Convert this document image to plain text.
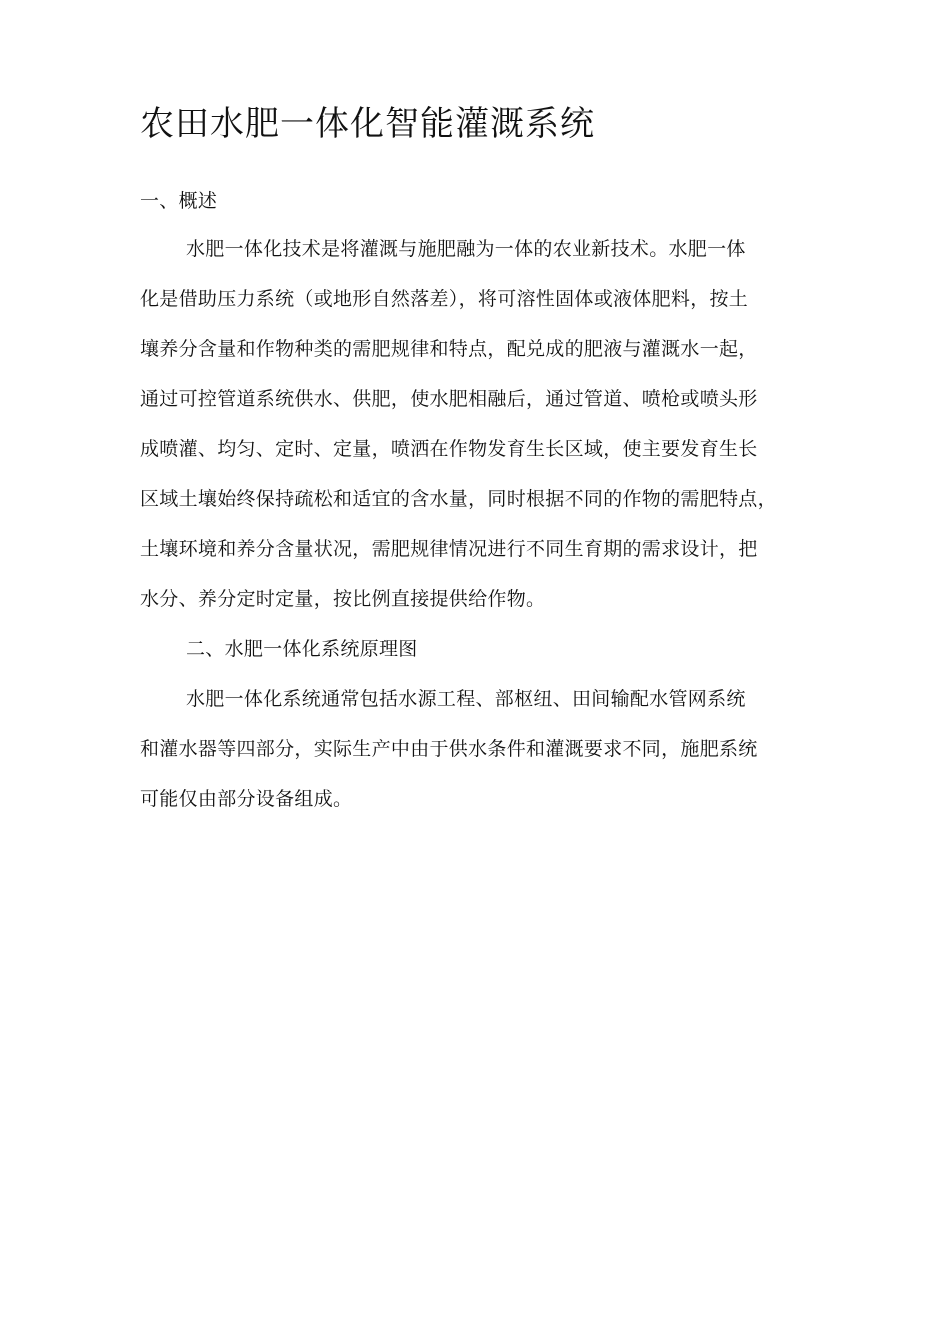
农田水肥一体化智能灌溉系统

一、概述

水肥一体化技术是将灌溉与施肥融为一体的农业新技术。水肥一体

化是借助压力系统（或地形自然落差），将可溶性固体或液体肥料，按土

壤养分含量和作物种类的需肥规律和特点，配兑成的肥液与灌溉水一起，

通过可控管道系统供水、供肥，使水肥相融后，通过管道、喷枪或喷头形

成喷灌、均匀、定时、定量，喷洒在作物发育生长区域，使主要发育生长

区域土壤始终保持疏松和适宜的含水量，同时根据不同的作物的需肥特点，

土壤环境和养分含量状况，需肥规律情况进行不同生育期的需求设计，把

水分、养分定时定量，按比例直接提供给作物。

二、水肥一体化系统原理图

水肥一体化系统通常包括水源工程、部枢纽、田间输配水管网系统

和灌水器等四部分，实际生产中由于供水条件和灌溉要求不同，施肥系统

可能仅由部分设备组成。
